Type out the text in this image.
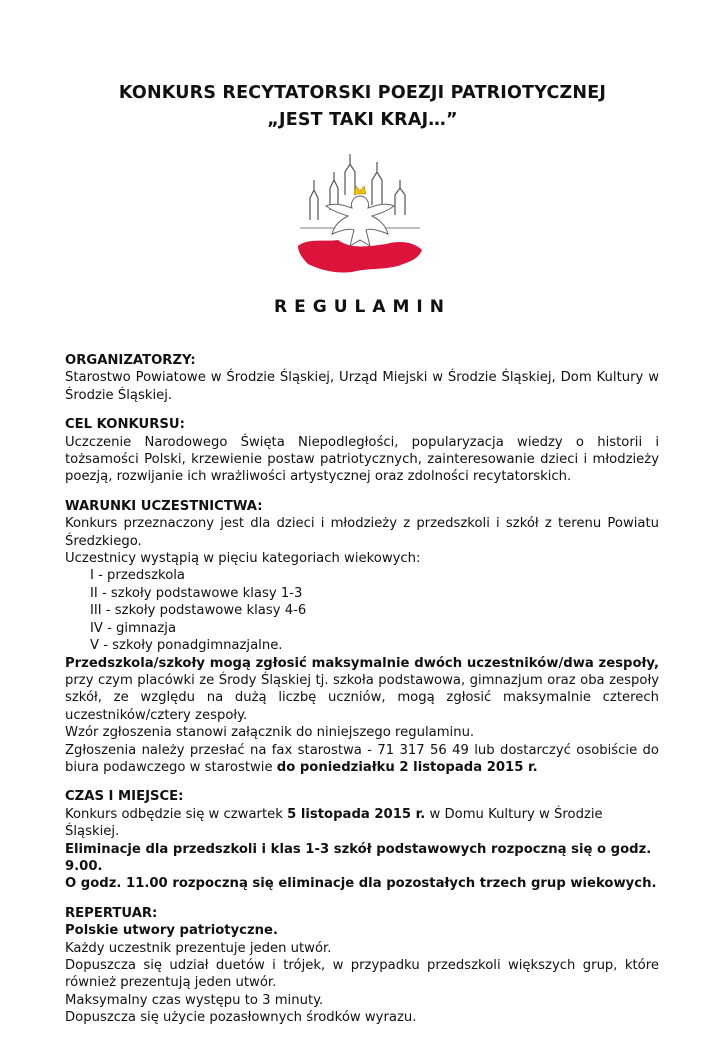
KONKURS RECYTATORSKI POEZJI PATRIOTYCZNEJ
„JEST TAKI KRAJ…”
REGULAMIN
ORGANIZATORZY:
Starostwo Powiatowe w Środzie Śląskiej, Urząd Miejski w Środzie Śląskiej, Dom Kultury w Środzie Śląskiej.
CEL KONKURSU:
Uczczenie Narodowego Święta Niepodległości, popularyzacja wiedzy o historii i tożsamości Polski, krzewienie postaw patriotycznych, zainteresowanie dzieci i młodzieży poezją, rozwijanie ich wrażliwości artystycznej oraz zdolności recytatorskich.
WARUNKI UCZESTNICTWA:
Konkurs przeznaczony jest dla dzieci i młodzieży z przedszkoli i szkół z terenu Powiatu Średzkiego.
Uczestnicy wystąpią w pięciu kategoriach wiekowych:
I - przedszkola
II - szkoły podstawowe klasy 1-3
III - szkoły podstawowe klasy 4-6
IV - gimnazja
V - szkoły ponadgimnazjalne.
Przedszkola/szkoły mogą zgłosić maksymalnie dwóch uczestników/dwa zespoły, przy czym placówki ze Środy Śląskiej tj. szkoła podstawowa, gimnazjum oraz oba zespoły szkół, ze względu na dużą liczbę uczniów, mogą zgłosić maksymalnie czterech uczestników/cztery zespoły.
Wzór zgłoszenia stanowi załącznik do niniejszego regulaminu.
Zgłoszenia należy przesłać na fax starostwa - 71 317 56 49 lub dostarczyć osobiście do biura podawczego w starostwie do poniedziałku 2 listopada 2015 r.
CZAS I MIEJSCE:
Konkurs odbędzie się w czwartek 5 listopada 2015 r. w Domu Kultury w Środzie Śląskiej.
Eliminacje dla przedszkoli i klas 1-3 szkół podstawowych rozpoczną się o godz. 9.00.
O godz. 11.00 rozpoczną się eliminacje dla pozostałych trzech grup wiekowych.
REPERTUAR:
Polskie utwory patriotyczne.
Każdy uczestnik prezentuje jeden utwór.
Dopuszcza się udział duetów i trójek, w przypadku przedszkoli większych grup, które również prezentują jeden utwór.
Maksymalny czas występu to 3 minuty.
Dopuszcza się użycie pozasłownych środków wyrazu.
